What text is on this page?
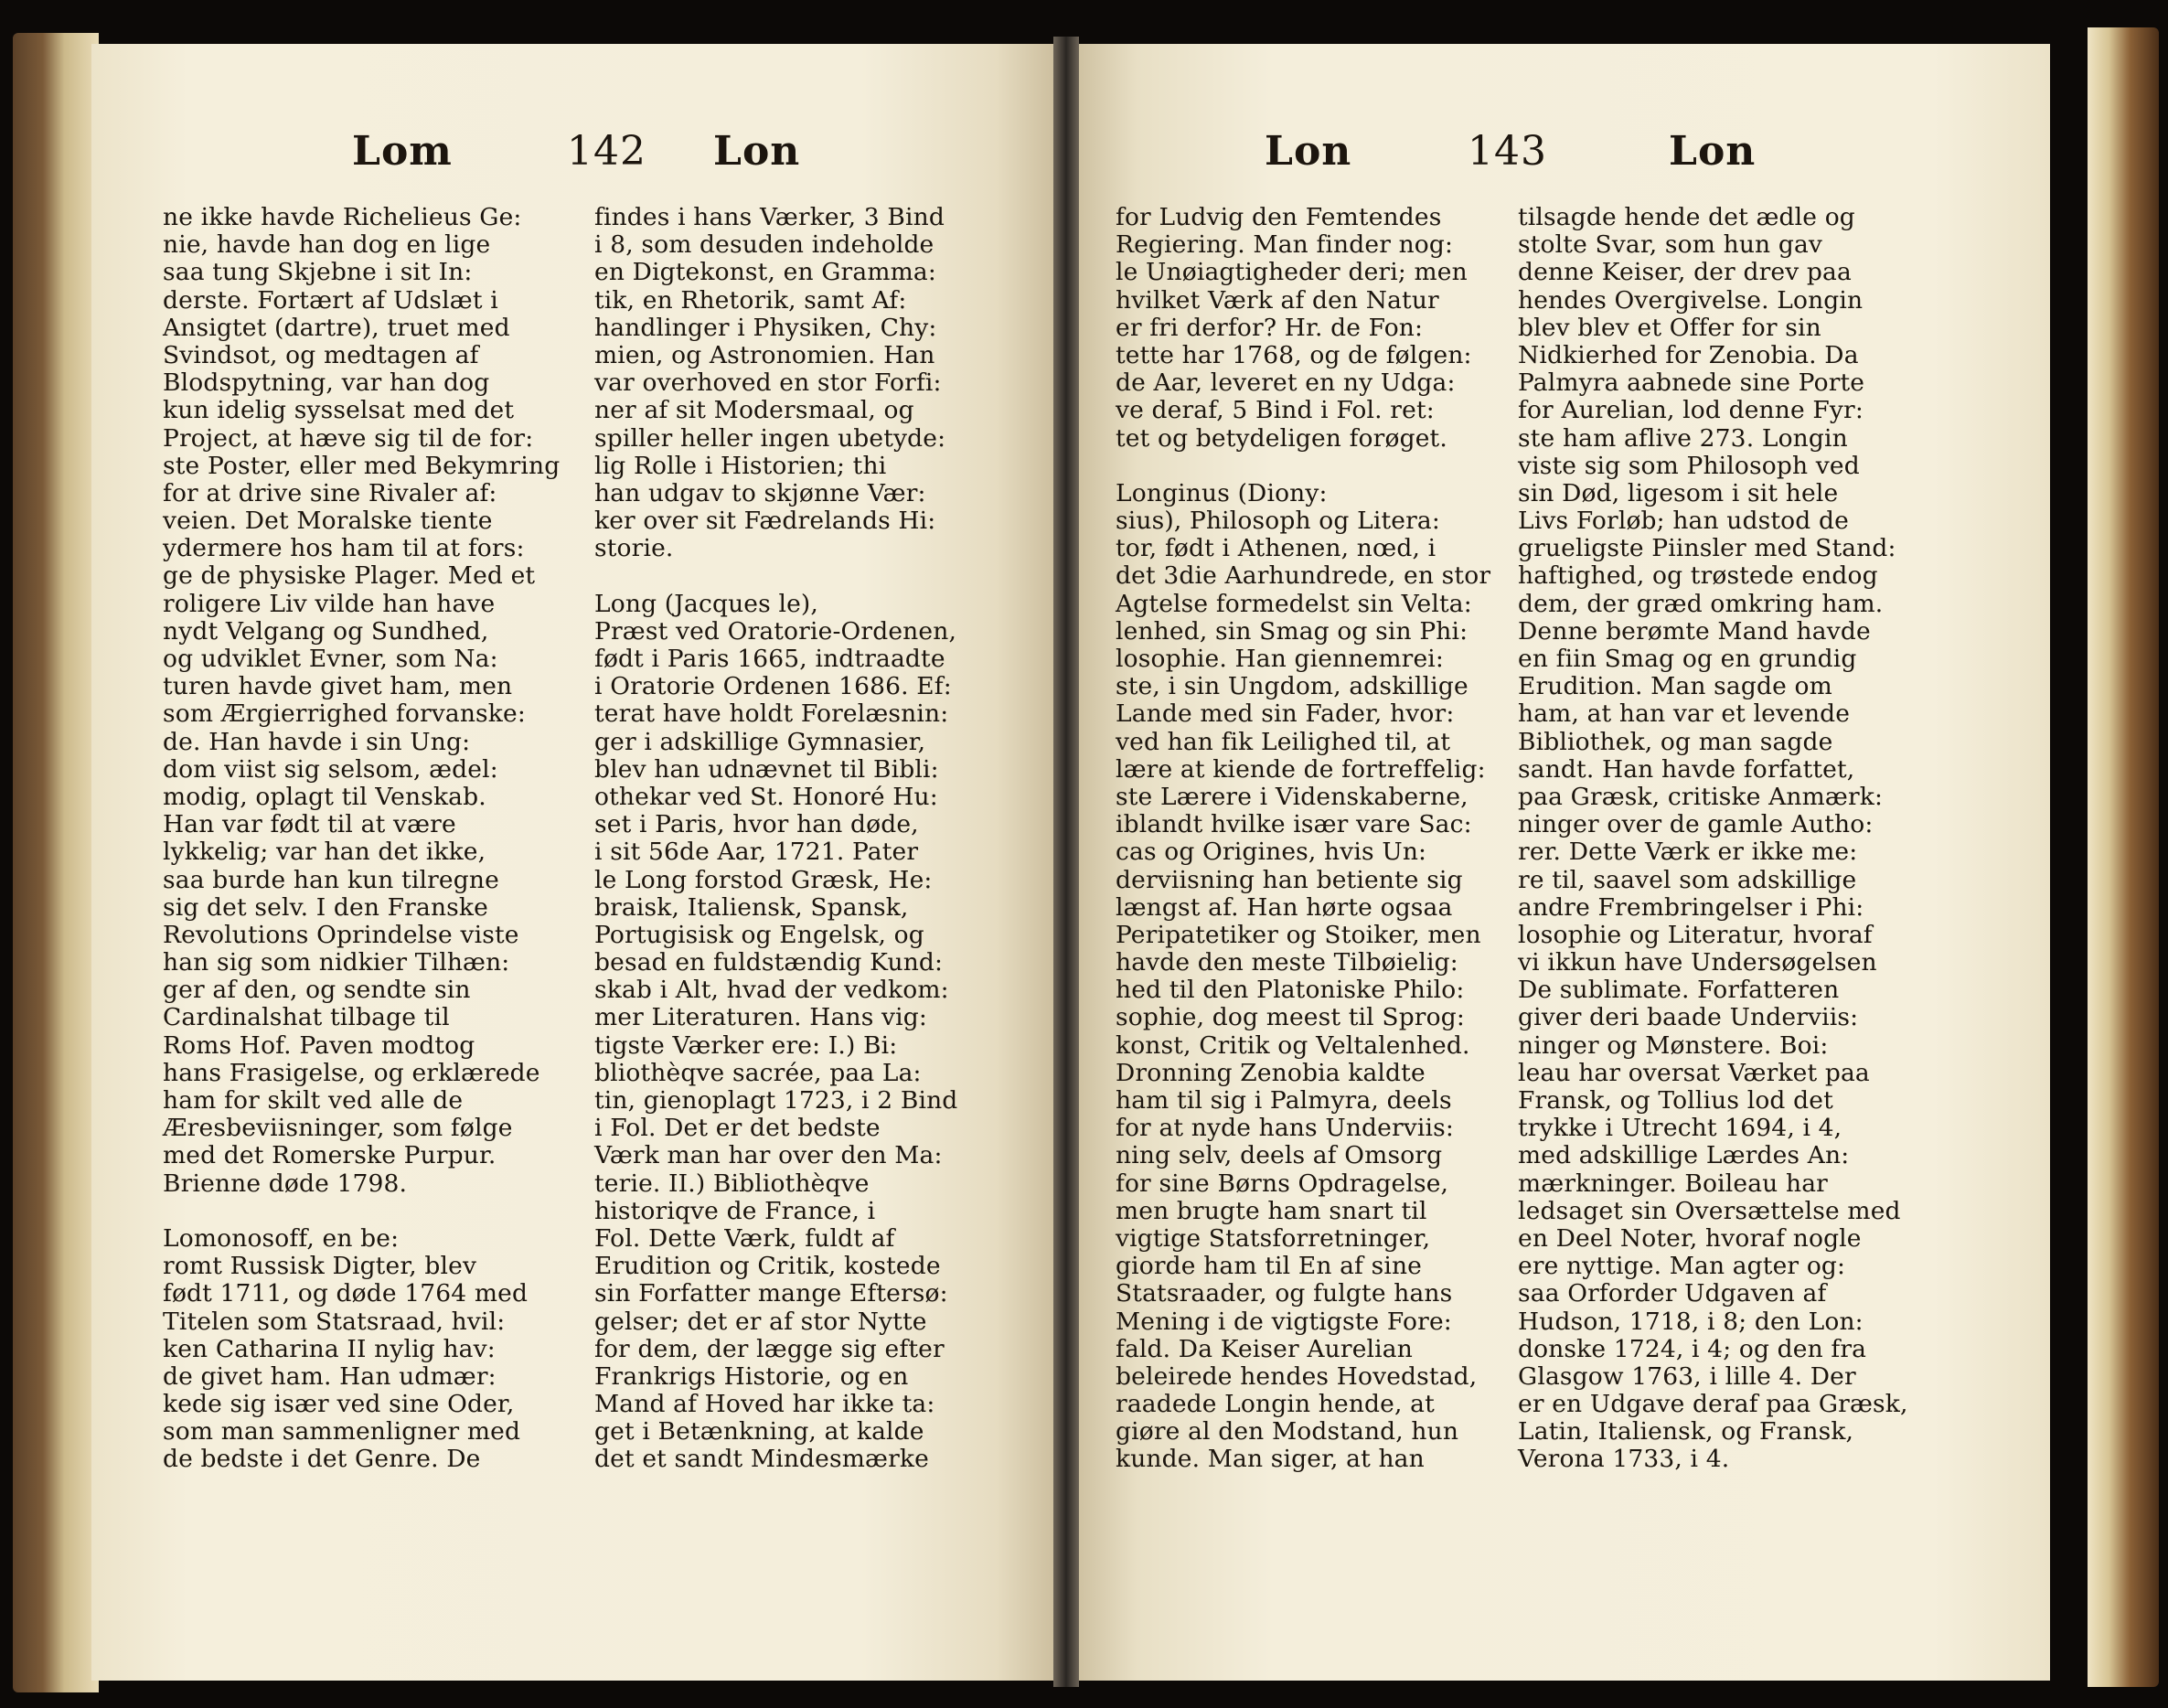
Lom	142 Lon
ne ikke havde Richelieus Ge:
nie, havde han dog en lige
saa tung Skjebne i sit In:
derste. Fortært af Udslæt i
Ansigtet (dartre), truet med
Svindsot, og medtagen af
Blodspytning, var han dog
kun idelig sysselsat med det
Project, at hæve sig til de for:
ste Poster, eller med Bekymring
for at drive sine Rivaler af:
veien. Det Moralske tiente
ydermere hos ham til at fors:
ge de physiske Plager. Med et
roligere Liv vilde han have
nydt Velgang og Sundhed,
og udviklet Evner, som Na:
turen havde givet ham, men
som Ærgierrighed forvanske:
de. Han havde i sin Ung:
dom viist sig selsom, ædel:
modig, oplagt til Venskab.
Han var født til at være
lykkelig; var han det ikke,
saa burde han kun tilregne
sig det selv. I den Franske
Revolutions Oprindelse viste
han sig som nidkier Tilhæn:
ger af den, og sendte sin
Cardinalshat tilbage til
Roms Hof. Paven modtog
hans Frasigelse, og erklærede
ham for skilt ved alle de
Æresbeviisninger, som følge
med det Romerske Purpur.
Brienne døde 1798.
Lomonosoff, en be:
romt Russisk Digter, blev
født 1711, og døde 1764 med
Titelen som Statsraad, hvil:
ken Catharina II nylig hav:
de givet ham. Han udmær:
kede sig især ved sine Oder,
som man sammenligner med
de bedste i det Genre. De
findes i hans Værker, 3 Bind
i 8, som desuden indeholde
en Digtekonst, en Gramma:
tik, en Rhetorik, samt Af:
handlinger i Physiken, Chy:
mien, og Astronomien. Han
var overhoved en stor Forfi:
ner af sit Modersmaal, og
spiller heller ingen ubetyde:
lig Rolle i Historien; thi
han udgav to skjønne Vær:
ker over sit Fædrelands Hi:
storie.
Long (Jacques le),
Præst ved Oratorie-Ordenen,
født i Paris 1665, indtraadte
i Oratorie Ordenen 1686. Ef:
terat have holdt Forelæsnin:
ger i adskillige Gymnasier,
blev han udnævnet til Bibli:
othekar ved St. Honoré Hu:
set i Paris, hvor han døde,
i sit 56de Aar, 1721. Pater
le Long forstod Græsk, He:
braisk, Italiensk, Spansk,
Portugisisk og Engelsk, og
besad en fuldstændig Kund:
skab i Alt, hvad der vedkom:
mer Literaturen. Hans vig:
tigste Værker ere: I.) Bi:
bliothèqve sacrée, paa La:
tin, gienoplagt 1723, i 2 Bind
i Fol. Det er det bedste
Værk man har over den Ma:
terie. II.) Bibliothèqve
historiqve de France, i
Fol. Dette Værk, fuldt af
Erudition og Critik, kostede
sin Forfatter mange Eftersø:
gelser; det er af stor Nytte
for dem, der lægge sig efter
Frankrigs Historie, og en
Mand af Hoved har ikke ta:
get i Betænkning, at kalde
det et sandt Mindesmærke
Lon	143	Lon
for Ludvig den Femtendes
Regiering. Man finder nog:
le Unøiagtigheder deri; men
hvilket Værk af den Natur
er fri derfor? Hr. de Fon:
tette har 1768, og de følgen:
de Aar, leveret en ny Udga:
ve deraf, 5 Bind i Fol. ret:
tet og betydeligen forøget.
Longinus (Diony:
sius), Philosoph og Litera:
tor, født i Athenen, nœd, i
det 3die Aarhundrede, en stor
Agtelse formedelst sin Velta:
lenhed, sin Smag og sin Phi:
losophie. Han giennemrei:
ste, i sin Ungdom, adskillige
Lande med sin Fader, hvor:
ved han fik Leilighed til, at
lære at kiende de fortreffelig:
ste Lærere i Videnskaberne,
iblandt hvilke især vare Sac:
cas og Origines, hvis Un:
derviisning han betiente sig
længst af. Han hørte ogsaa
Peripatetiker og Stoiker, men
havde den meste Tilbøielig:
hed til den Platoniske Philo:
sophie, dog meest til Sprog:
konst, Critik og Veltalenhed.
Dronning Zenobia kaldte
ham til sig i Palmyra, deels
for at nyde hans Underviis:
ning selv, deels af Omsorg
for sine Børns Opdragelse,
men brugte ham snart til
vigtige Statsforretninger,
giorde ham til En af sine
Statsraader, og fulgte hans
Mening i de vigtigste Fore:
fald. Da Keiser Aurelian
beleirede hendes Hovedstad,
raadede Longin hende, at
giøre al den Modstand, hun
kunde. Man siger, at han
tilsagde hende det ædle og
stolte Svar, som hun gav
denne Keiser, der drev paa
hendes Overgivelse. Longin
blev blev et Offer for sin
Nidkierhed for Zenobia. Da
Palmyra aabnede sine Porte
for Aurelian, lod denne Fyr:
ste ham aflive 273. Longin
viste sig som Philosoph ved
sin Død, ligesom i sit hele
Livs Forløb; han udstod de
grueligste Piinsler med Stand:
haftighed, og trøstede endog
dem, der græd omkring ham.
Denne berømte Mand havde
en fiin Smag og en grundig
Erudition. Man sagde om
ham, at han var et levende
Bibliothek, og man sagde
sandt. Han havde forfattet,
paa Græsk, critiske Anmærk:
ninger over de gamle Autho:
rer. Dette Værk er ikke me:
re til, saavel som adskillige
andre Frembringelser i Phi:
losophie og Literatur, hvoraf
vi ikkun have Undersøgelsen
De sublimate. Forfatteren
giver deri baade Underviis:
ninger og Mønstere. Boi:
leau har oversat Værket paa
Fransk, og Tollius lod det
trykke i Utrecht 1694, i 4,
med adskillige Lærdes An:
mærkninger. Boileau har
ledsaget sin Oversættelse med
en Deel Noter, hvoraf nogle
ere nyttige. Man agter og:
saa Orforder Udgaven af
Hudson, 1718, i 8; den Lon:
donske 1724, i 4; og den fra
Glasgow 1763, i lille 4. Der
er en Udgave deraf paa Græsk,
Latin, Italiensk, og Fransk,
Verona 1733, i 4.
